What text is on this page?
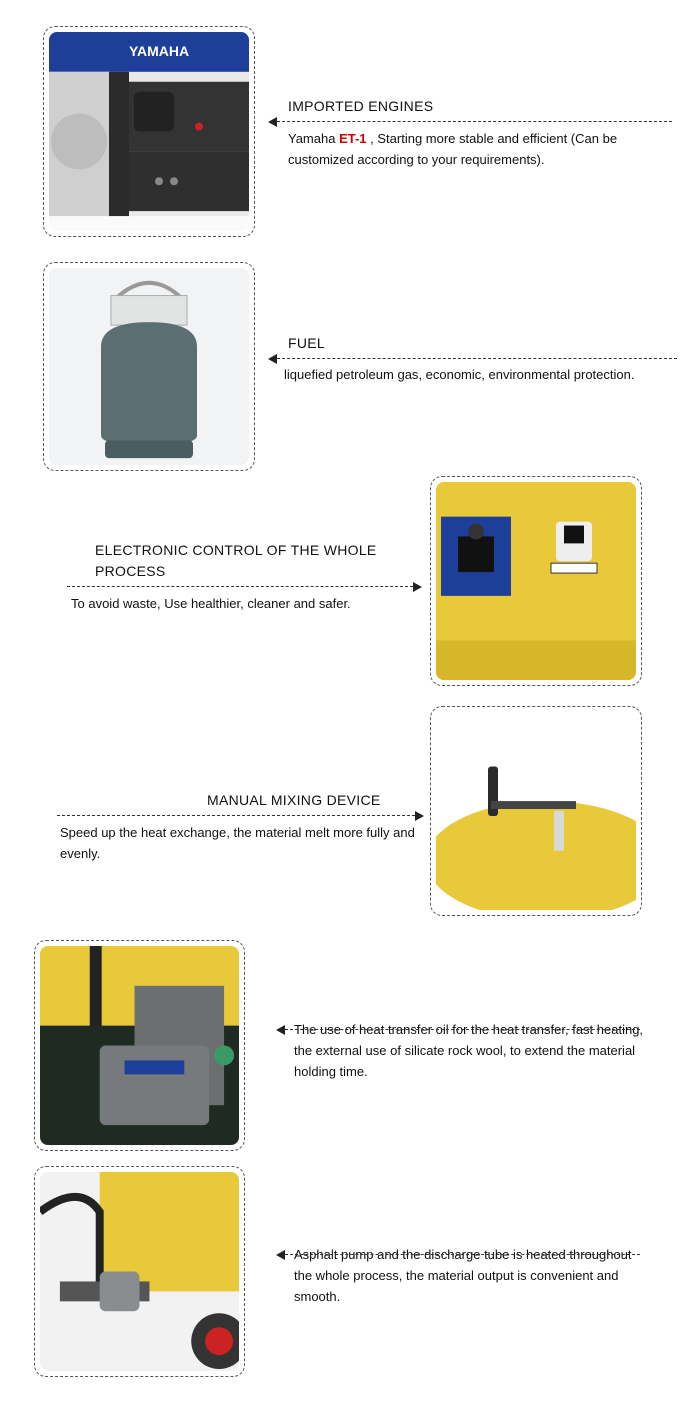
YAMAHA
IMPORTED ENGINES
Yamaha ET-1 , Starting more stable and efficient (Can be customized according to your requirements).
FUEL
liquefied petroleum gas, economic, environmental protection.
ELECTRONIC CONTROL OF THE WHOLE PROCESS
To avoid waste, Use healthier, cleaner and safer.
MANUAL MIXING DEVICE
Speed up the heat exchange, the material melt more fully and evenly.
The use of heat transfer oil for the heat transfer, fast heating, the external use of silicate rock wool, to extend the material holding time.
Asphalt pump and the discharge tube is heated throughout the whole process, the material output is convenient and smooth.
